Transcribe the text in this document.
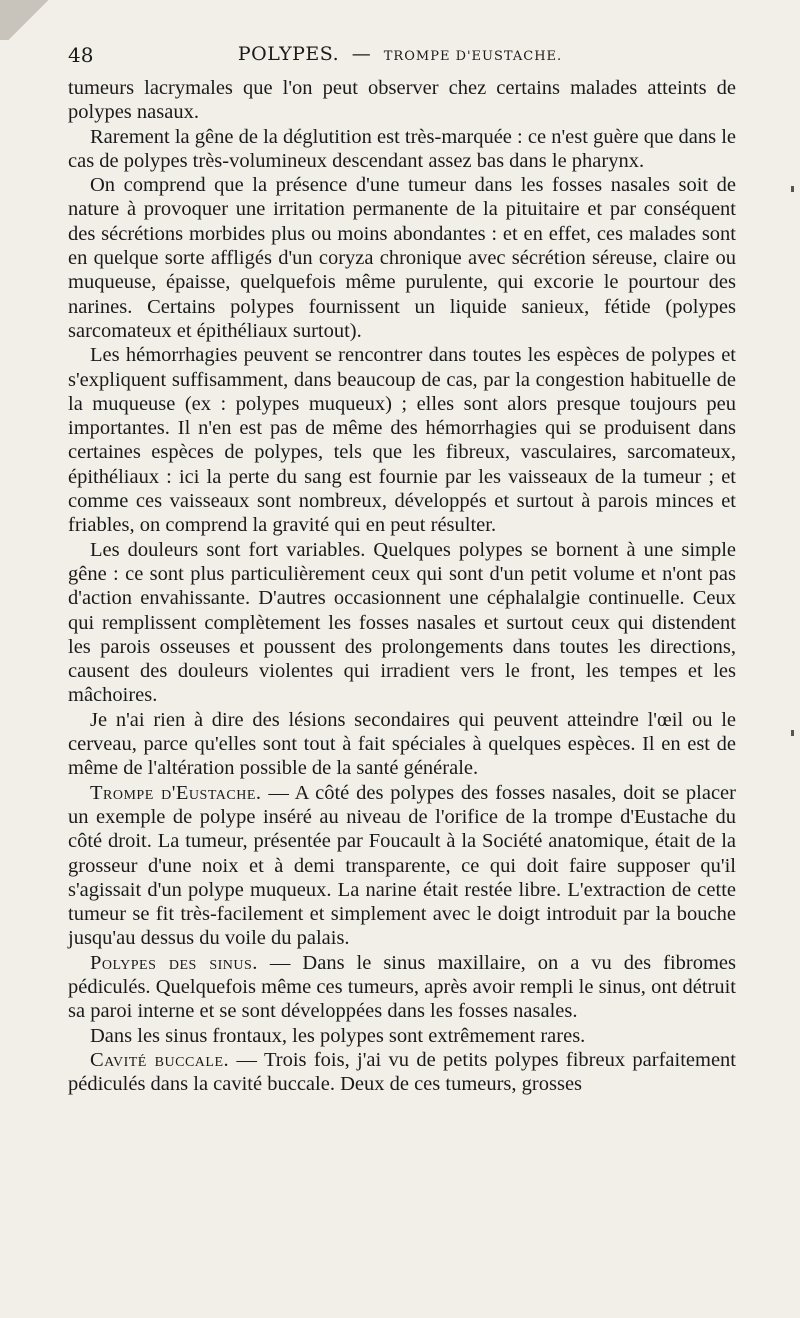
48	POLYPES. — TROMPE D'EUSTACHE.

tumeurs lacrymales que l'on peut observer chez certains malades atteints de polypes nasaux.

Rarement la gêne de la déglutition est très-marquée : ce n'est guère que dans le cas de polypes très-volumineux descendant assez bas dans le pharynx.

On comprend que la présence d'une tumeur dans les fosses nasales soit de nature à provoquer une irritation permanente de la pituitaire et par conséquent des sécrétions morbides plus ou moins abondantes : et en effet, ces malades sont en quelque sorte affligés d'un coryza chronique avec sécrétion séreuse, claire ou muqueuse, épaisse, quelquefois même purulente, qui excorie le pourtour des narines. Certains polypes fournissent un liquide sanieux, fétide (polypes sarcomateux et épithéliaux surtout).

Les hémorrhagies peuvent se rencontrer dans toutes les espèces de polypes et s'expliquent suffisamment, dans beaucoup de cas, par la congestion habituelle de la muqueuse (ex : polypes muqueux) ; elles sont alors presque toujours peu importantes. Il n'en est pas de même des hémorrhagies qui se produisent dans certaines espèces de polypes, tels que les fibreux, vasculaires, sarcomateux, épithéliaux : ici la perte du sang est fournie par les vaisseaux de la tumeur ; et comme ces vaisseaux sont nombreux, développés et surtout à parois minces et friables, on comprend la gravité qui en peut résulter.

Les douleurs sont fort variables. Quelques polypes se bornent à une simple gêne : ce sont plus particulièrement ceux qui sont d'un petit volume et n'ont pas d'action envahissante. D'autres occasionnent une céphalalgie continuelle. Ceux qui remplissent complètement les fosses nasales et surtout ceux qui distendent les parois osseuses et poussent des prolongements dans toutes les directions, causent des douleurs violentes qui irradient vers le front, les tempes et les mâchoires.

Je n'ai rien à dire des lésions secondaires qui peuvent atteindre l'œil ou le cerveau, parce qu'elles sont tout à fait spéciales à quelques espèces. Il en est de même de l'altération possible de la santé générale.

Trompe d'Eustache. — A côté des polypes des fosses nasales, doit se placer un exemple de polype inséré au niveau de l'orifice de la trompe d'Eustache du côté droit. La tumeur, présentée par Foucault à la Société anatomique, était de la grosseur d'une noix et à demi transparente, ce qui doit faire supposer qu'il s'agissait d'un polype muqueux. La narine était restée libre. L'extraction de cette tumeur se fit très-facilement et simplement avec le doigt introduit par la bouche jusqu'au dessus du voile du palais.

Polypes des sinus. — Dans le sinus maxillaire, on a vu des fibromes pédiculés. Quelquefois même ces tumeurs, après avoir rempli le sinus, ont détruit sa paroi interne et se sont développées dans les fosses nasales.

Dans les sinus frontaux, les polypes sont extrêmement rares.

Cavité buccale. — Trois fois, j'ai vu de petits polypes fibreux parfaitement pédiculés dans la cavité buccale. Deux de ces tumeurs, grosses
